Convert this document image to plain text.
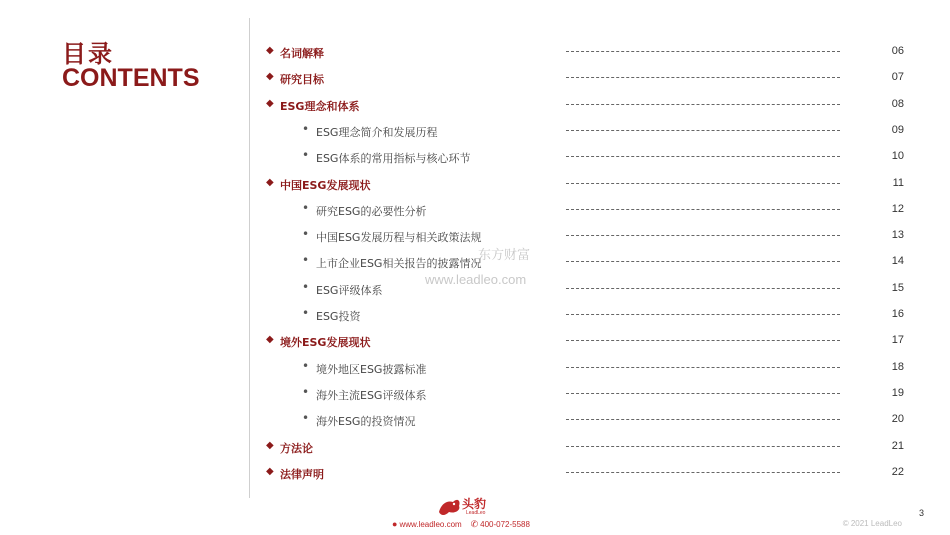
目录
CONTENTS
◆ 名词解释	06
◆ 研究目标	07
◆ ESG理念和体系	08
• ESG理念简介和发展历程	09
• ESG体系的常用指标与核心环节	10
◆ 中国ESG发展现状	11
• 研究ESG的必要性分析	12
• 中国ESG发展历程与相关政策法规	13
• 上市企业ESG相关报告的披露情况	14
• ESG评级体系	15
• ESG投资	16
◆ 境外ESG发展现状	17
• 境外地区ESG披露标准	18
• 海外主流ESG评级体系	19
• 海外ESG的投资情况	20
◆ 方法论	21
◆ 法律声明	22
东方财富
www.leadleo.com
头豹
LeadLeo
● www.leadleo.com ✆ 400-072-5588	© 2021 LeadLeo
3
